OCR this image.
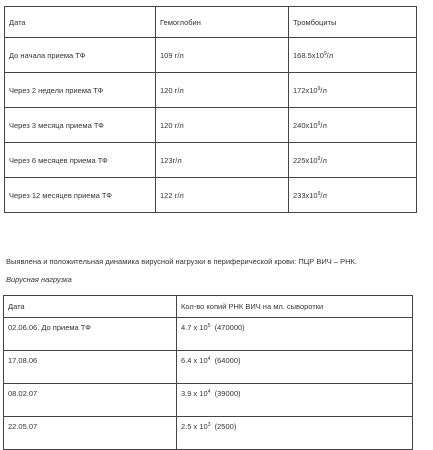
Дата	Гемоглобин	Тромбоциты
До начала приема ТФ	109 г/л	$168.5x10^9/л$
Через 2 недели приема ТФ	120 г/л	$172x10^9/л$
Через 3 месяца приема ТФ	120 г/л	$240x10^9/л$
Через 6 месяцев приема ТФ	123г/л	$225x10^9/л$
Через 12 месяцев приема ТФ	122 г/л	$233x10^9/л$
Выявлена и положительная динамика вирусной нагрузки в периферической крови: ПЦР ВИЧ – РНК.
Вирусная нагрузка
Дата	Кол-во копий РНК ВИЧ на мл. сыворотки
02.06.06. До приема ТФ	4.7 x $10^5$ (470000)
17.08.06	6.4 x $10^4$ (64000)
08.02.07	3.9 x $10^4$ (39000)
22.05.07	2.5 x $10^3$ (2500)
